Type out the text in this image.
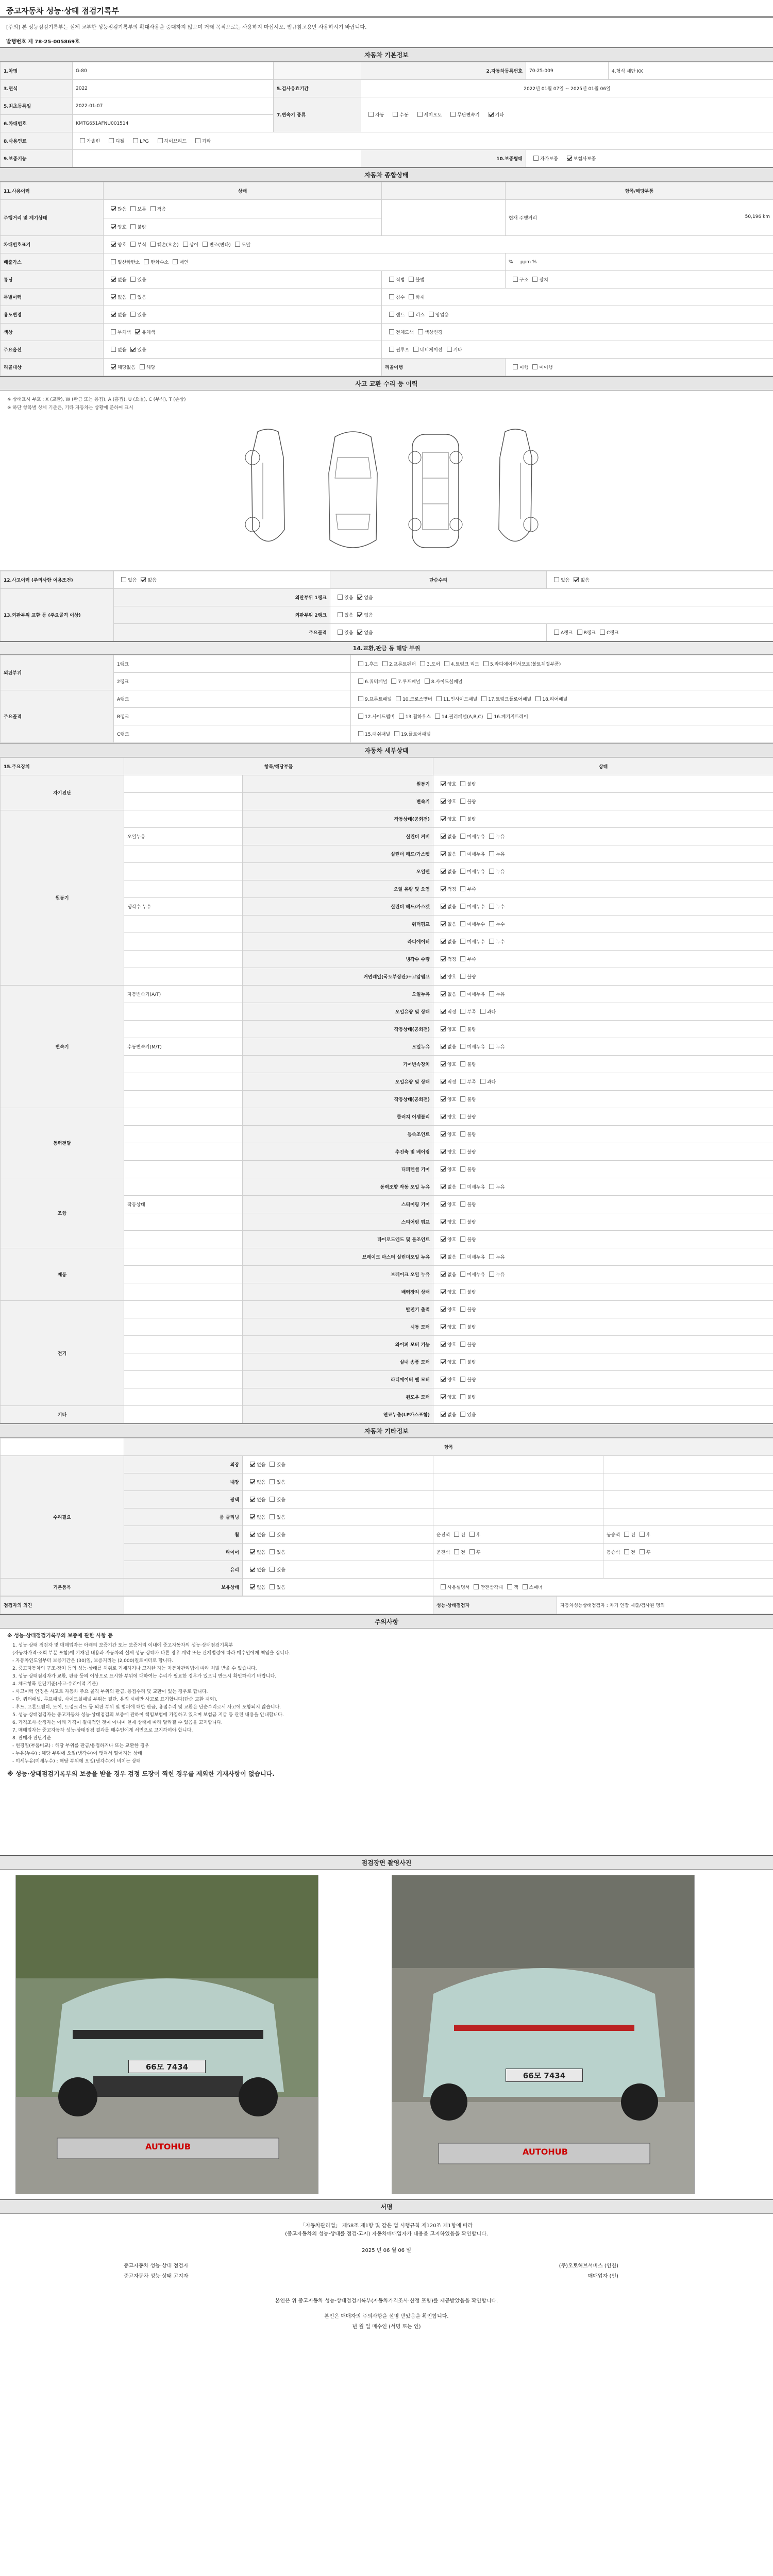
중고자동차 성능·상태 점검기록부
[주의] 본 성능점검기록부는 실제 교부한 성능점검기록부의 확대사용을 증대하지 않으며 거래 목적으로는 사용하지 마십시오. 법규참고용만 사용하시기 바랍니다.
발행번호 제 78-25-005869호
자동차 기본정보
1.차명	G-80		2.자동차등록번호	70-25-009	4.형식 세단 KK
3.연식	2022	5.검사유효기간	2022년 01월 07일 ~ 2025년 01월 06일		
5.최초등록일	2022-01-07	7.변속기 종류	자동 수동 세미오토 무단변속기 기타		
6.차대번호	KMTG651AFNU001514				
8.사용연료	가솔린 디젤 LPG 하이브리드 기타				
9.보증기능			10.보증형태	자가보증 보험사보증	
자동차 종합상태
11.사용이력	상태		항목/해당부품
주행거리 및 계기상태	많음 보통 적음		현재 주행거리 50,196 km

	양호 불량		
차대번호표기	양호 부식 훼손(오손) 상이 변조(변타) 도말		
배출가스	일산화탄소 탄화수소 매연		% ppm %
튜닝	없음 있음	적법 불법	구조 장치
특별이력	없음 있음	침수 화재	
용도변경	없음 있음	렌트 리스 영업용	
색상	무채색 유채색	전체도색 색상변경	
주요옵션	없음 있음	썬루프 네비게이션 기타	
리콜대상	해당없음 해당	리콜이행	이행 미이행
사고 교환 수리 등 이력
※ 상태표시 부호 : X (교환), W (판금 또는 용접), A (흠집), U (요철), C (부식), T (손상)
※ 하단 항목별 상세 기준은, 기타 자동차는 상황에 준하여 표시
12.사고이력 (주의사항 이용조건)	있음 없음	단순수리	있음 없음
13.외판부위 교환 등 (주요골격 이상)	외판부위 1랭크	있음 없음	
	외판부위 2랭크	있음 없음	
	주요골격	있음 없음	A랭크 B랭크 C랭크
14.교환,판금 등 해당 부위
외판부위	1랭크	1.후드 2.프론트펜더 3.도어 4.트렁크 리드 5.라디에이터서포트(볼트체결부품)
	2랭크	6.쿼터패널 7.루프패널 8.사이드실패널
주요골격	A랭크	9.프론트패널 10.크로스멤버 11.인사이드패널 17.트렁크플로어패널 18.리어패널
	B랭크	12.사이드멤버 13.휠하우스 14.필러패널(A,B,C) 16.패키지트레이
	C랭크	15.대쉬패널 19.플로어패널
자동차 세부상태
15.주요장치	항목/해당부품		상태
자기진단		원동기	양호 불량
		변속기	양호 불량
원동기		작동상태(공회전)	양호 불량
	오일누유	실린더 커버	없음 미세누유 누유
		실린더 헤드/가스켓	없음 미세누유 누유
		오일팬	없음 미세누유 누유
		오일 유량 및 오염	적정 부족
	냉각수 누수	실린더 헤드/가스켓	없음 미세누수 누수
		워터펌프	없음 미세누수 누수
		라디에이터	없음 미세누수 누수
		냉각수 수량	적정 부족
		커먼레일(국토부장관)+고압펌프	양호 불량
변속기	자동변속기(A/T)	오일누유	없음 미세누유 누유
		오일유량 및 상태	적정 부족 과다
		작동상태(공회전)	양호 불량
	수동변속기(M/T)	오일누유	없음 미세누유 누유
		기어변속장치	양호 불량
		오일유량 및 상태	적정 부족 과다
		작동상태(공회전)	양호 불량
동력전달		클러치 어셈블리	양호 불량
		등속조인트	양호 불량
		추진축 및 베어링	양호 불량
		디퍼렌셜 기어	양호 불량
조향		동력조향 작동 오일 누유	없음 미세누유 누유
	작동상태	스티어링 기어	양호 불량
		스티어링 펌프	양호 불량
		타이로드엔드 및 볼조인트	양호 불량
제동		브레이크 마스터 실린더오일 누유	없음 미세누유 누유
		브레이크 오일 누유	없음 미세누유 누유
		배력장치 상태	양호 불량
전기		발전기 출력	양호 불량
		시동 모터	양호 불량
		와이퍼 모터 기능	양호 불량
		실내 송풍 모터	양호 불량
		라디에이터 팬 모터	양호 불량
		윈도우 모터	양호 불량
기타		연료누출(LP가스포함)	없음 있음
자동차 기타정보
	항목			
수리필요	외장	없음 있음		
	내장	없음 있음		
	광택	없음 있음		
	룸 클리닝	없음 있음		
	휠	없음 있음	운전석 전 후	동승석 전 후
	타이어	없음 있음	운전석 전 후	동승석 전 후
	유리	없음 있음		
기본품목	보유상태	없음 있음	사용설명서 안전삼각대 잭 스패너	
점검자의 의견		성능·상태점검자	자동차성능상태점검자 : 차기 연장 제출/검사원 명의
주의사항
※ 성능·상태점검기록부의 보증에 관한 사항 등

1. 성능·상태 점검자 및 매매업자는 아래의 보증기간 또는 보증거리 이내에 중고자동차의 성능·상태점검기록부

(자동차가격·조회 부분 포함)에 기재된 내용과 자동차의 실제 성능·상태가 다른 경우 계약 또는 관계법령에 따라 매수인에게 책임을 집니다.

- 자동차인도일부터 보증기간은 (30)일, 보증거리는 (2,000)킬로미터로 합니다.

2. 중고자동차의 구조·장치 등의 성능·상태를 허위로 기재하거나 고지한 자는 자동차관리법에 따라 처벌 받을 수 있습니다.

3. 성능·상태점검자가 교환, 판금 등의 이상으로 표시한 부위에 대하여는 수리가 필요한 경우가 있으니 반드시 확인하시기 바랍니다.

4. 체크항목 판단기준(사고·수리이력 기준)

- 사고이력 인정은 사고로 자동차 주요 골격 부위의 판금, 용접수리 및 교환이 있는 경우로 합니다.

- 단, 쿼터패널, 루프패널, 사이드실패널 부위는 절단, 용접 시에만 사고로 표기합니다(단순 교환 제외).

- 후드, 프론트펜더, 도어, 트렁크리드 등 외판 부위 및 범퍼에 대한 판금, 용접수리 및 교환은 단순수리로서 사고에 포함되지 않습니다.

5. 성능·상태점검자는 중고자동차 성능·상태점검의 보증에 관하여 책임보험에 가입하고 있으며 보험금 지급 등 관련 내용을 안내합니다.

6. 가격조사·산정자는 아래 가격이 절대적인 것이 아니며 현재 상태에 따라 달라질 수 있음을 고지합니다.

7. 매매업자는 중고자동차 성능·상태점검 결과를 매수인에게 서면으로 고지하여야 합니다.

8. 판매자 판단기준

- 변경일(부품비교) : 해당 부위를 판금/용접하거나 또는 교환한 경우

- 누유(누수) : 해당 부위에 오일(냉각수)이 맺혀서 떨어지는 상태

- 미세누유(미세누수) : 해당 부위에 오일(냉각수)이 비치는 상태

※ 성능·상태점검기록부의 보증을 받을 경우 검정 도장이 찍힌 경우를 제외한 기재사항이 없습니다.
점검장면 촬영사진
66모 7434
AUTOHUB
66모 7434
AUTOHUB
서명
「자동차관리법」 제58조 제1항 및 같은 법 시행규칙 제120조 제1항에 따라
(중고자동차의 성능·상태를 점검·고지) 자동차매매업자가 내용을 고지하였음을 확인합니다.
2025 년 06 월 06 일
중고자동차 성능·상태 점검자	(주)오토허브서비스 (인천)
중고자동차 성능·상태 고지자	매매업자 (인)
본인은 위 중고자동차 성능·상태점검기록부(자동차가격조사·산정 포함)를 제공받았음을 확인합니다.
본인은 매매자의 주의사항을 설명 받았음을 확인합니다.
년 월 일 매수인 (서명 또는 인)
